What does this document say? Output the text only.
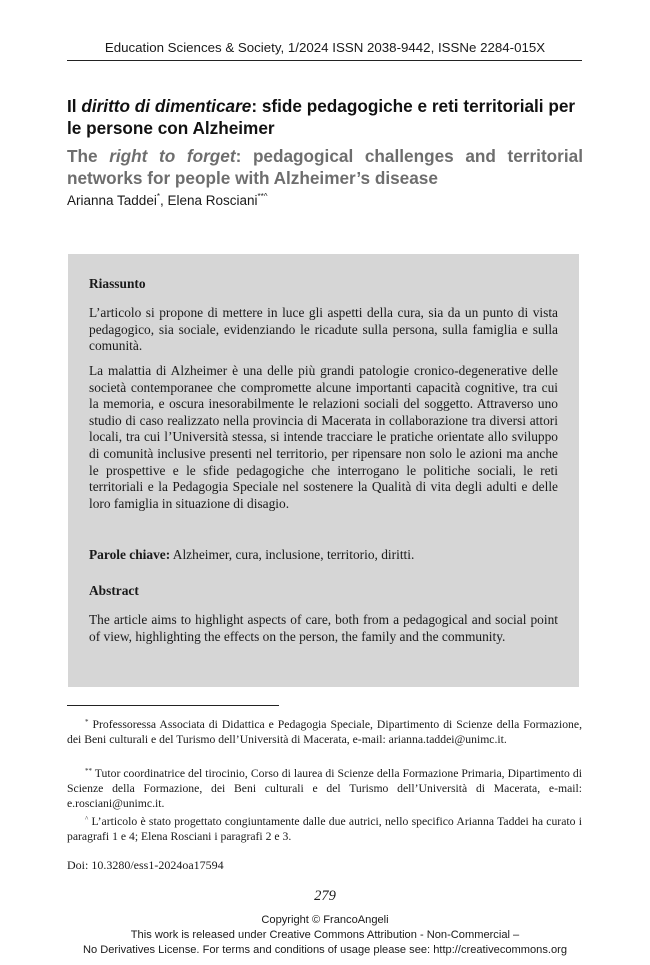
Education Sciences & Society, 1/2024 ISSN 2038-9442, ISSNe 2284-015X
Il diritto di dimenticare: sfide pedagogiche e reti territoriali per le persone con Alzheimer
The right to forget: pedagogical challenges and territorial networks for people with Alzheimer’s disease
Arianna Taddei*, Elena Rosciani**^
Riassunto
L’articolo si propone di mettere in luce gli aspetti della cura, sia da un punto di vista pedagogico, sia sociale, evidenziando le ricadute sulla persona, sulla famiglia e sulla comunità.
La malattia di Alzheimer è una delle più grandi patologie cronico-degenerative delle società contemporanee che compromette alcune importanti capacità cognitive, tra cui la memoria, e oscura inesorabilmente le relazioni sociali del soggetto. Attraverso uno studio di caso realizzato nella provincia di Macerata in collaborazione tra diversi attori locali, tra cui l’Università stessa, si intende tracciare le pratiche orientate allo sviluppo di comunità inclusive presenti nel territorio, per ripensare non solo le azioni ma anche le prospettive e le sfide pedagogiche che interrogano le politiche sociali, le reti territoriali e la Pedagogia Speciale nel sostenere la Qualità di vita degli adulti e delle loro famiglia in situazione di disagio.
Parole chiave: Alzheimer, cura, inclusione, territorio, diritti.
Abstract
The article aims to highlight aspects of care, both from a pedagogical and social point of view, highlighting the effects on the person, the family and the community.
* Professoressa Associata di Didattica e Pedagogia Speciale, Dipartimento di Scienze della Formazione, dei Beni culturali e del Turismo dell’Università di Macerata, e-mail: arianna.taddei@unimc.it.
** Tutor coordinatrice del tirocinio, Corso di laurea di Scienze della Formazione Primaria, Dipartimento di Scienze della Formazione, dei Beni culturali e del Turismo dell’Università di Macerata, e-mail: e.rosciani@unimc.it.
^ L’articolo è stato progettato congiuntamente dalle due autrici, nello specifico Arianna Taddei ha curato i paragrafi 1 e 4; Elena Rosciani i paragrafi 2 e 3.
Doi: 10.3280/ess1-2024oa17594
279
Copyright © FrancoAngeli
This work is released under Creative Commons Attribution - Non-Commercial –
No Derivatives License. For terms and conditions of usage please see: http://creativecommons.org
